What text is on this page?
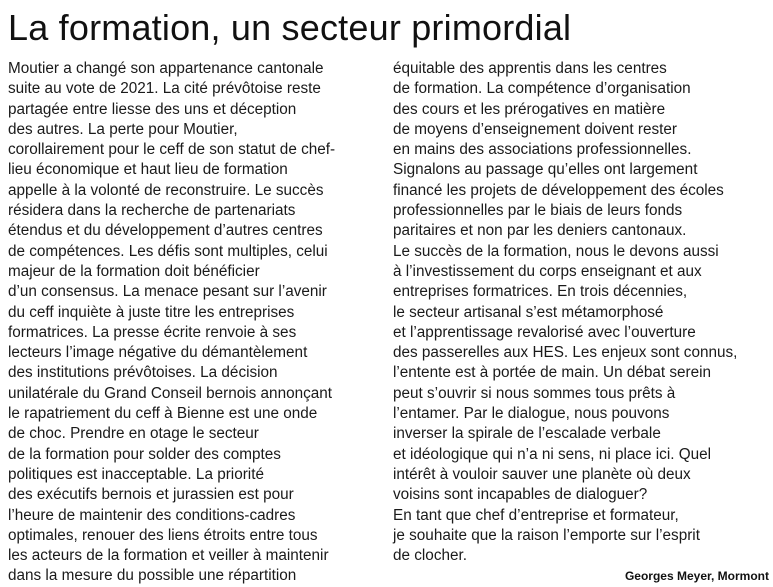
La formation, un secteur primordial
Moutier a changé son appartenance cantonale
suite au vote de 2021. La cité prévôtoise reste
partagée entre liesse des uns et déception
des autres. La perte pour Moutier,
corollairement pour le ceff de son statut de chef-
lieu économique et haut lieu de formation
appelle à la volonté de reconstruire. Le succès
résidera dans la recherche de partenariats
étendus et du développement d’autres centres
de compétences. Les défis sont multiples, celui
majeur de la formation doit bénéficier
d’un consensus. La menace pesant sur l’avenir
du ceff inquiète à juste titre les entreprises
formatrices. La presse écrite renvoie à ses
lecteurs l’image négative du démantèlement
des institutions prévôtoises. La décision
unilatérale du Grand Conseil bernois annonçant
le rapatriement du ceff à Bienne est une onde
de choc. Prendre en otage le secteur
de la formation pour solder des comptes
politiques est inacceptable. La priorité
des exécutifs bernois et jurassien est pour
l’heure de maintenir des conditions-cadres
optimales, renouer des liens étroits entre tous
les acteurs de la formation et veiller à maintenir
dans la mesure du possible une répartition
équitable des apprentis dans les centres
de formation. La compétence d’organisation
des cours et les prérogatives en matière
de moyens d’enseignement doivent rester
en mains des associations professionnelles.
Signalons au passage qu’elles ont largement
financé les projets de développement des écoles
professionnelles par le biais de leurs fonds
paritaires et non par les deniers cantonaux.
Le succès de la formation, nous le devons aussi
à l’investissement du corps enseignant et aux
entreprises formatrices. En trois décennies,
le secteur artisanal s’est métamorphosé
et l’apprentissage revalorisé avec l’ouverture
des passerelles aux HES. Les enjeux sont connus,
l’entente est à portée de main. Un débat serein
peut s’ouvrir si nous sommes tous prêts à
l’entamer. Par le dialogue, nous pouvons
inverser la spirale de l’escalade verbale
et idéologique qui n’a ni sens, ni place ici. Quel
intérêt à vouloir sauver une planète où deux
voisins sont incapables de dialoguer?
En tant que chef d’entreprise et formateur,
je souhaite que la raison l’emporte sur l’esprit
de clocher.
Georges Meyer, Mormont
